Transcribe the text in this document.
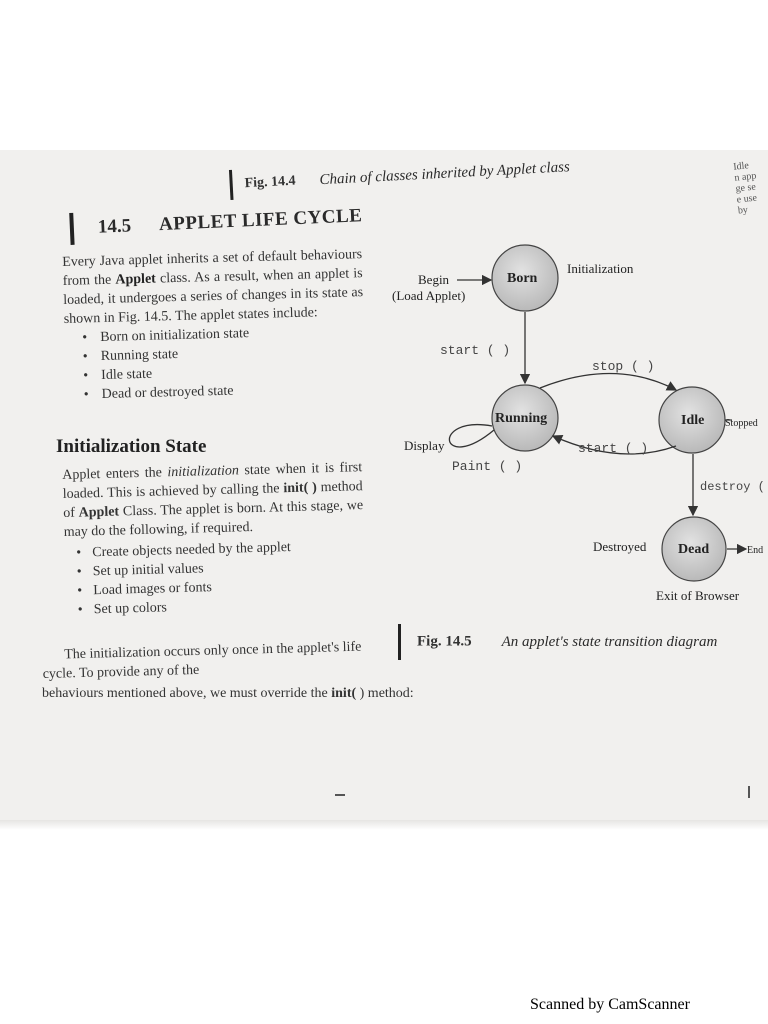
Idle
n app
ge se
e use
by
Fig. 14.4 Chain of classes inherited by Applet class
14.5 APPLET LIFE CYCLE
Every Java applet inherits a set of default behaviours from the Applet class. As a result, when an applet is loaded, it undergoes a series of changes in its state as shown in Fig. 14.5. The applet states include:
• Born on initialization state
• Running state
• Idle state
• Dead or destroyed state
Initialization State
Applet enters the initialization state when it is first loaded. This is achieved by calling the init( ) method of Applet Class. The applet is born. At this stage, we may do the following, if required.
• Create objects needed by the applet
• Set up initial values
• Load images or fonts
• Set up colors
The initialization occurs only once in the applet's life cycle. To provide any of the
behaviours mentioned above, we must override the init( ) method:
Born
Running	Idle
Dead
Begin
(Load Applet)
Initialization
start ( )
stop ( )
start ( )
Display
Paint ( )
destroy (
Destroyed
Stopped
End
Exit of Browser
Fig. 14.5 An applet's state transition diagram
Scanned by CamScanner
